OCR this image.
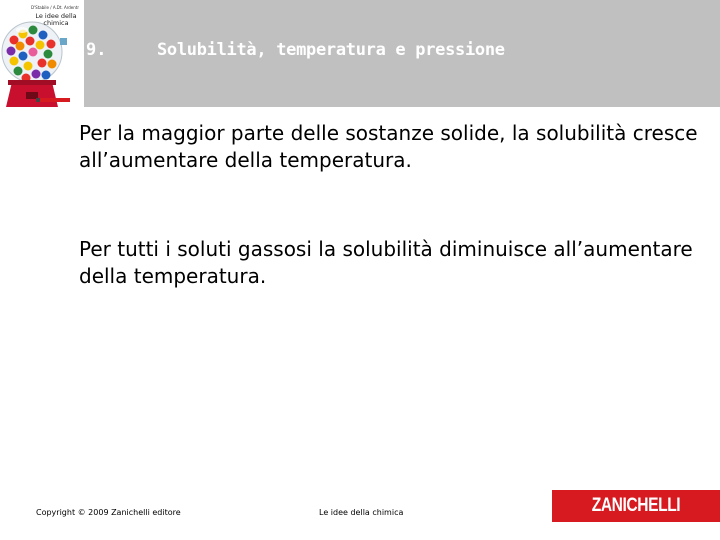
D'Stabile / A.Dt. Ardentr
Le idee della chimica
9.	Solubilità, temperatura e pressione
Per la maggior parte delle sostanze solide, la solubilità cresce all’aumentare della temperatura.
Per tutti i soluti gassosi la solubilità diminuisce all’aumentare della temperatura.
Copyright © 2009 Zanichelli editore	Le idee della chimica	ZANICHELLI
